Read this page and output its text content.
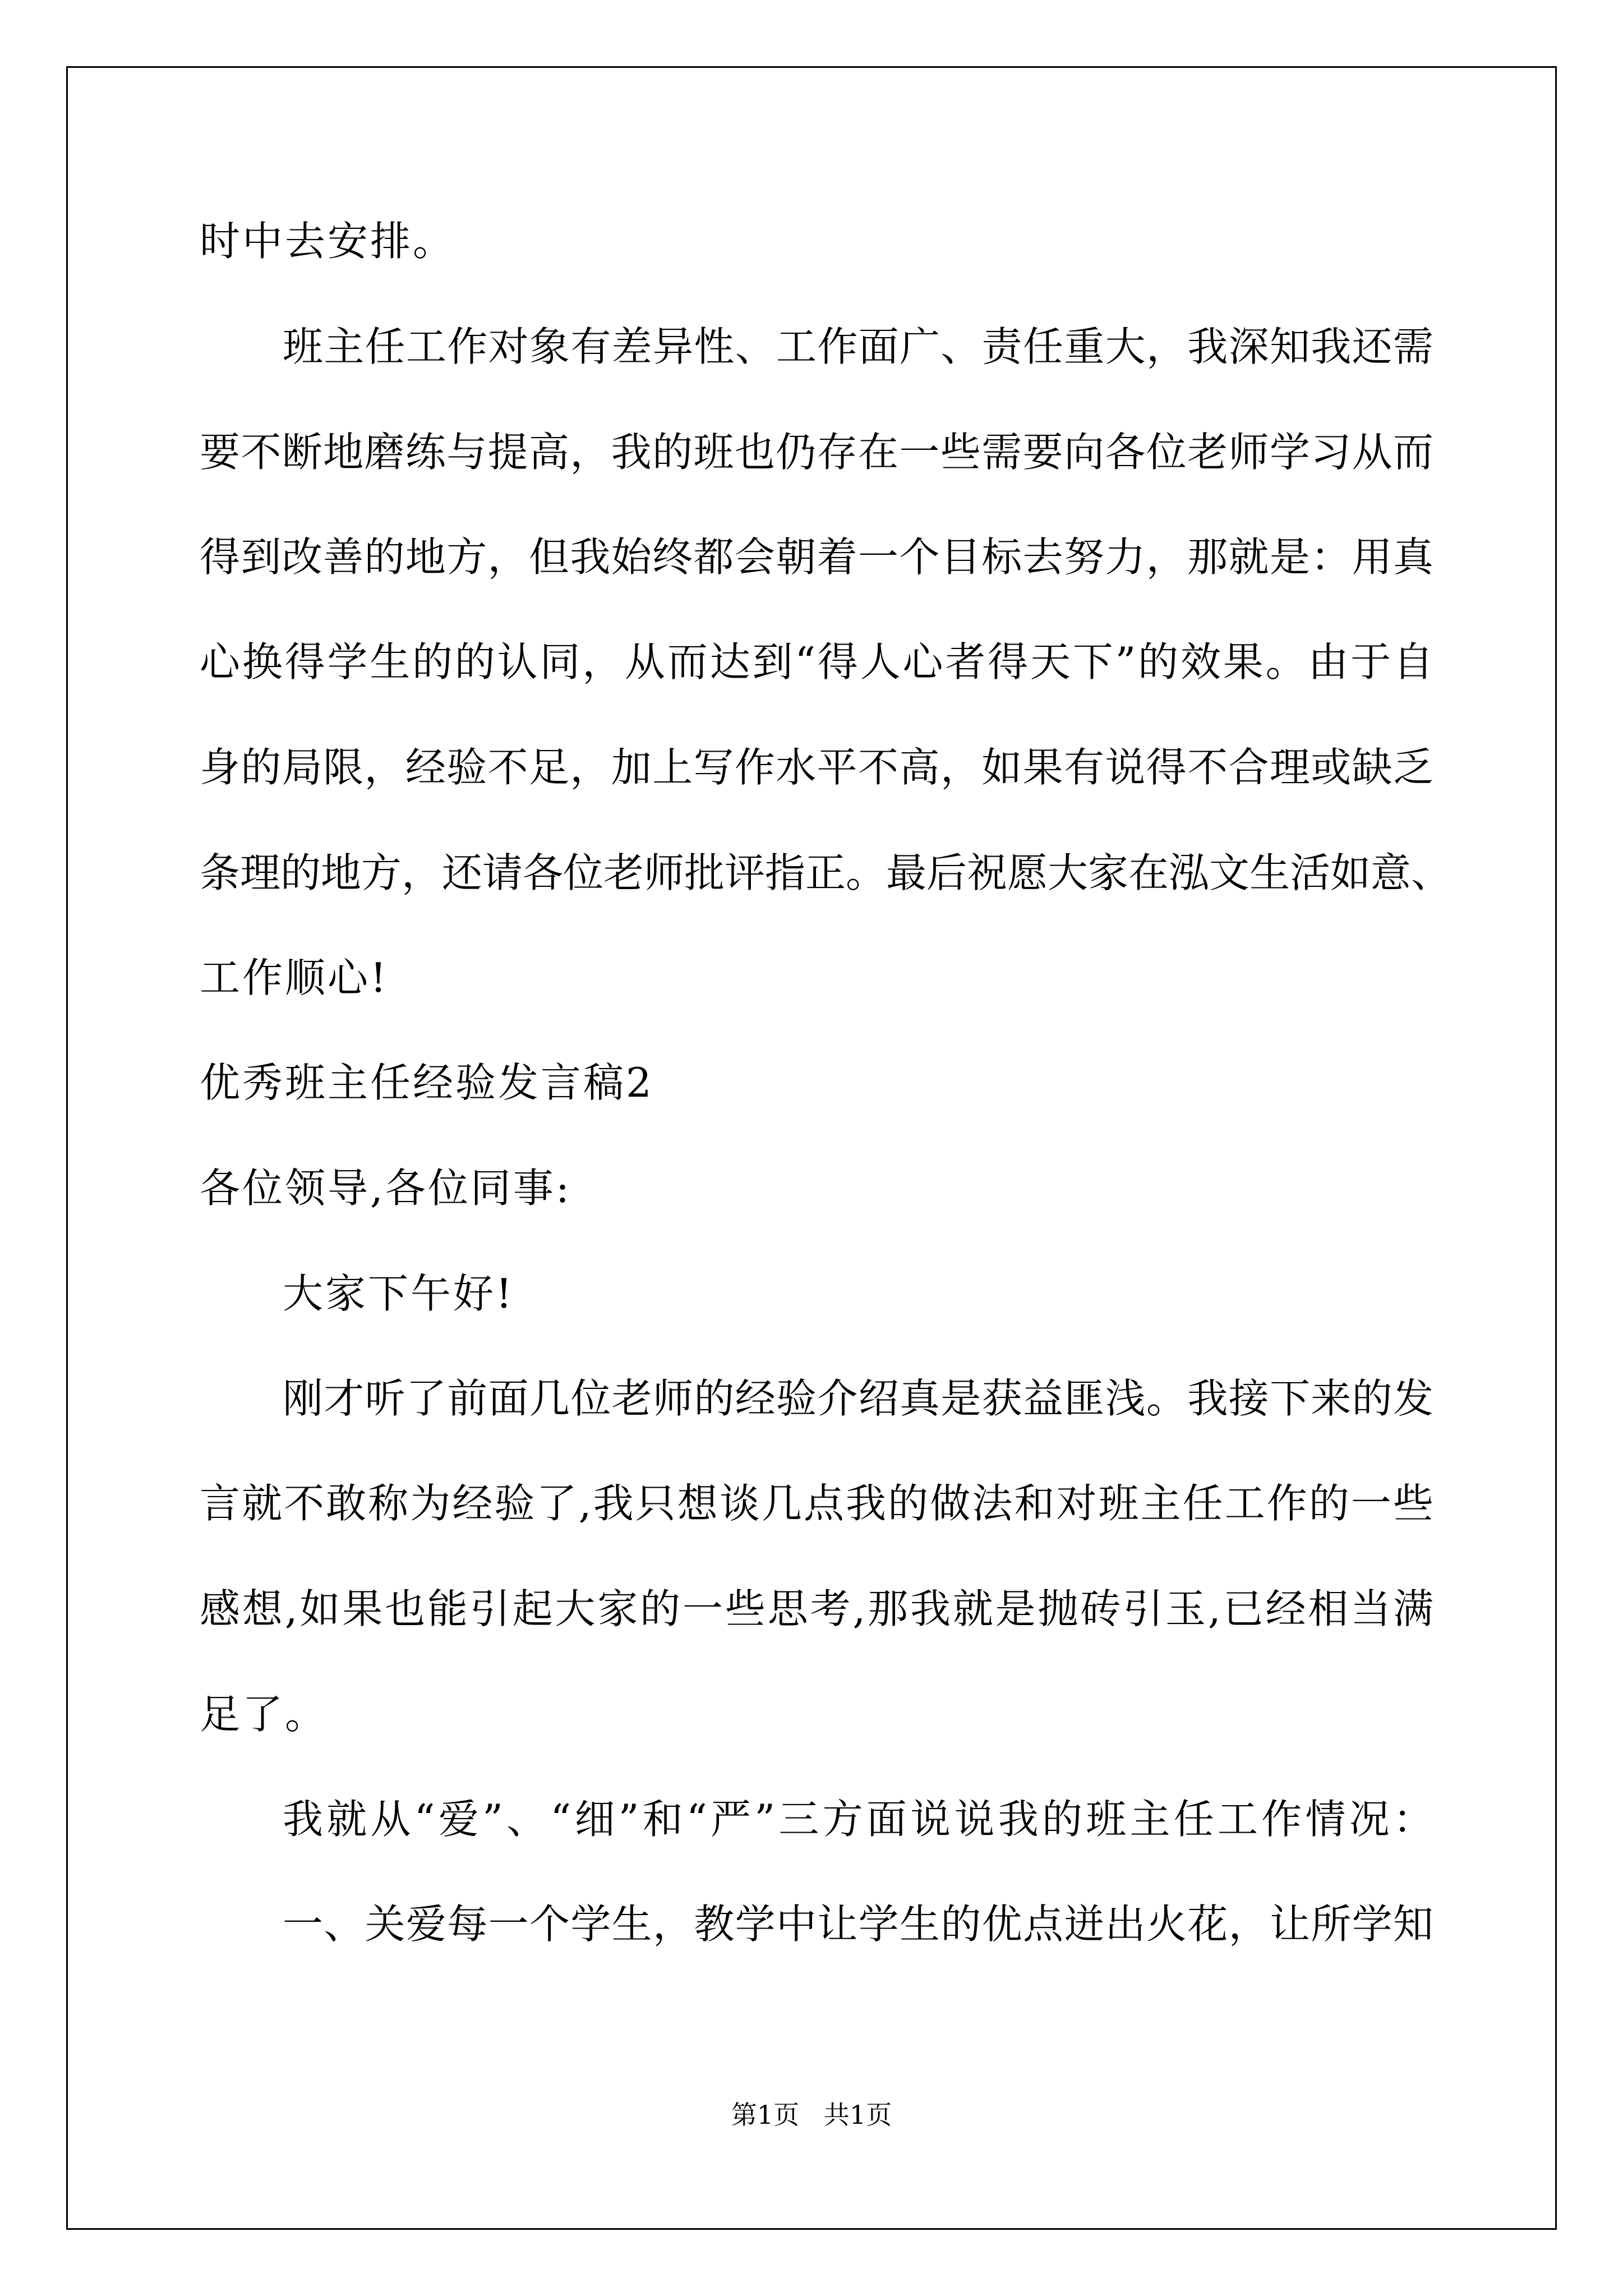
时中去安排。
班主任工作对象有差异性、工作面广、责任重大，我深知我还需
要不断地磨练与提高，我的班也仍存在一些需要向各位老师学习从而
得到改善的地方，但我始终都会朝着一个目标去努力，那就是：用真
心换得学生的的认同，从而达到“得人心者得天下”的效果。由于自
身的局限，经验不足，加上写作水平不高，如果有说得不合理或缺乏
条理的地方，还请各位老师批评指正。最后祝愿大家在泓文生活如意、
工作顺心!
优秀班主任经验发言稿2
各位领导,各位同事:
大家下午好!
刚才听了前面几位老师的经验介绍真是获益匪浅。我接下来的发
言就不敢称为经验了,我只想谈几点我的做法和对班主任工作的一些
感想,如果也能引起大家的一些思考,那我就是抛砖引玉,已经相当满
足了。
我就从“爱”、“细”和“严”三方面说说我的班主任工作情况：
一、关爱每一个学生，教学中让学生的优点迸出火花，让所学知
第1页   共1页
